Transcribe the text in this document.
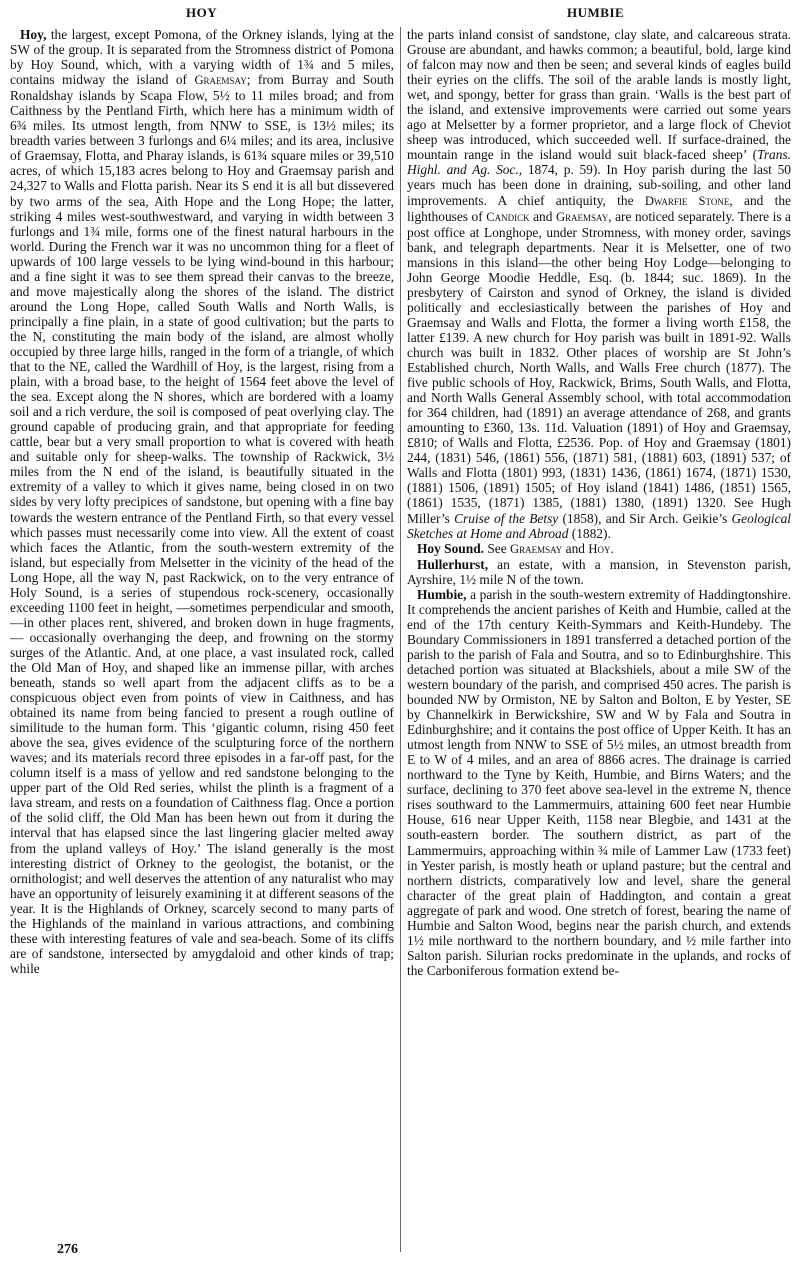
HOY	HUMBIE

Hoy, the largest, except Pomona, of the Orkney islands, lying at the SW of the group. It is separated from the Stromness district of Pomona by Hoy Sound, which, with a varying width of 1¾ and 5 miles, contains midway the island of Graemsay; from Burray and South Ronaldshay islands by Scapa Flow, 5½ to 11 miles broad; and from Caithness by the Pentland Firth, which here has a minimum width of 6¾ miles. Its utmost length, from NNW to SSE, is 13½ miles; its breadth varies between 3 furlongs and 6¼ miles; and its area, inclusive of Graemsay, Flotta, and Pharay islands, is 61¾ square miles or 39,510 acres, of which 15,183 acres belong to Hoy and Graemsay parish and 24,327 to Walls and Flotta parish. Near its S end it is all but dissevered by two arms of the sea, Aith Hope and the Long Hope; the latter, striking 4 miles west-southwestward, and varying in width between 3 furlongs and 1¾ mile, forms one of the finest natural harbours in the world. During the French war it was no uncommon thing for a fleet of upwards of 100 large vessels to be lying wind-bound in this harbour; and a fine sight it was to see them spread their canvas to the breeze, and move majestically along the shores of the island. The district around the Long Hope, called South Walls and North Walls, is principally a fine plain, in a state of good cultivation; but the parts to the N, constituting the main body of the island, are almost wholly occupied by three large hills, ranged in the form of a triangle, of which that to the NE, called the Wardhill of Hoy, is the largest, rising from a plain, with a broad base, to the height of 1564 feet above the level of the sea. Except along the N shores, which are bordered with a loamy soil and a rich verdure, the soil is composed of peat overlying clay. The ground capable of producing grain, and that appropriate for feeding cattle, bear but a very small proportion to what is covered with heath and suitable only for sheep-walks. The township of Rackwick, 3½ miles from the N end of the island, is beautifully situated in the extremity of a valley to which it gives name, being closed in on two sides by very lofty precipices of sandstone, but opening with a fine bay towards the western entrance of the Pentland Firth, so that every vessel which passes must necessarily come into view. All the extent of coast which faces the Atlantic, from the south-western extremity of the island, but especially from Melsetter in the vicinity of the head of the Long Hope, all the way N, past Rackwick, on to the very entrance of Holy Sound, is a series of stupendous rock-scenery, occasionally exceeding 1100 feet in height, —sometimes perpendicular and smooth,—in other places rent, shivered, and broken down in huge fragments,— occasionally overhanging the deep, and frowning on the stormy surges of the Atlantic. And, at one place, a vast insulated rock, called the Old Man of Hoy, and shaped like an immense pillar, with arches beneath, stands so well apart from the adjacent cliffs as to be a conspicuous object even from points of view in Caithness, and has obtained its name from being fancied to present a rough outline of similitude to the human form. This ‘gigantic column, rising 450 feet above the sea, gives evidence of the sculpturing force of the northern waves; and its materials record three episodes in a far-off past, for the column itself is a mass of yellow and red sandstone belonging to the upper part of the Old Red series, whilst the plinth is a fragment of a lava stream, and rests on a foundation of Caithness flag. Once a portion of the solid cliff, the Old Man has been hewn out from it during the interval that has elapsed since the last lingering glacier melted away from the upland valleys of Hoy.’ The island generally is the most interesting district of Orkney to the geologist, the botanist, or the ornithologist; and well deserves the attention of any naturalist who may have an opportunity of leisurely examining it at different seasons of the year. It is the Highlands of Orkney, scarcely second to many parts of the Highlands of the mainland in various attractions, and combining these with interesting features of vale and sea-beach. Some of its cliffs are of sandstone, intersected by amygdaloid and other kinds of trap; while

the parts inland consist of sandstone, clay slate, and calcareous strata. Grouse are abundant, and hawks common; a beautiful, bold, large kind of falcon may now and then be seen; and several kinds of eagles build their eyries on the cliffs. The soil of the arable lands is mostly light, wet, and spongy, better for grass than grain. ‘Walls is the best part of the island, and extensive improvements were carried out some years ago at Melsetter by a former proprietor, and a large flock of Cheviot sheep was introduced, which succeeded well. If surface-drained, the mountain range in the island would suit black-faced sheep’ (Trans. Highl. and Ag. Soc., 1874, p. 59). In Hoy parish during the last 50 years much has been done in draining, sub-soiling, and other land improvements. A chief antiquity, the Dwarfie Stone, and the lighthouses of Candick and Graemsay, are noticed separately. There is a post office at Longhope, under Stromness, with money order, savings bank, and telegraph departments. Near it is Melsetter, one of two mansions in this island—the other being Hoy Lodge—belonging to John George Moodie Heddle, Esq. (b. 1844; suc. 1869). In the presbytery of Cairston and synod of Orkney, the island is divided politically and ecclesiastically between the parishes of Hoy and Graemsay and Walls and Flotta, the former a living worth £158, the latter £139. A new church for Hoy parish was built in 1891-92. Walls church was built in 1832. Other places of worship are St John’s Established church, North Walls, and Walls Free church (1877). The five public schools of Hoy, Rackwick, Brims, South Walls, and Flotta, and North Walls General Assembly school, with total accommodation for 364 children, had (1891) an average attendance of 268, and grants amounting to £360, 13s. 11d. Valuation (1891) of Hoy and Graemsay, £810; of Walls and Flotta, £2536. Pop. of Hoy and Graemsay (1801) 244, (1831) 546, (1861) 556, (1871) 581, (1881) 603, (1891) 537; of Walls and Flotta (1801) 993, (1831) 1436, (1861) 1674, (1871) 1530, (1881) 1506, (1891) 1505; of Hoy island (1841) 1486, (1851) 1565, (1861) 1535, (1871) 1385, (1881) 1380, (1891) 1320. See Hugh Miller’s Cruise of the Betsy (1858), and Sir Arch. Geikie’s Geological Sketches at Home and Abroad (1882).

Hoy Sound. See Graemsay and Hoy.

Hullerhurst, an estate, with a mansion, in Stevenston parish, Ayrshire, 1½ mile N of the town.

Humbie, a parish in the south-western extremity of Haddingtonshire. It comprehends the ancient parishes of Keith and Humbie, called at the end of the 17th century Keith-Symmars and Keith-Hundeby. The Boundary Commissioners in 1891 transferred a detached portion of the parish to the parish of Fala and Soutra, and so to Edinburghshire. This detached portion was situated at Blackshiels, about a mile SW of the western boundary of the parish, and comprised 450 acres. The parish is bounded NW by Ormiston, NE by Salton and Bolton, E by Yester, SE by Channelkirk in Berwickshire, SW and W by Fala and Soutra in Edinburghshire; and it contains the post office of Upper Keith. It has an utmost length from NNW to SSE of 5½ miles, an utmost breadth from E to W of 4 miles, and an area of 8866 acres. The drainage is carried northward to the Tyne by Keith, Humbie, and Birns Waters; and the surface, declining to 370 feet above sea-level in the extreme N, thence rises southward to the Lammermuirs, attaining 600 feet near Humbie House, 616 near Upper Keith, 1158 near Blegbie, and 1431 at the south-eastern border. The southern district, as part of the Lammermuirs, approaching within ¾ mile of Lammer Law (1733 feet) in Yester parish, is mostly heath or upland pasture; but the central and northern districts, comparatively low and level, share the general character of the great plain of Haddington, and contain a great aggregate of park and wood. One stretch of forest, bearing the name of Humbie and Salton Wood, begins near the parish church, and extends 1½ mile northward to the northern boundary, and ½ mile farther into Salton parish. Silurian rocks predominate in the uplands, and rocks of the Carboniferous formation extend be-

276
